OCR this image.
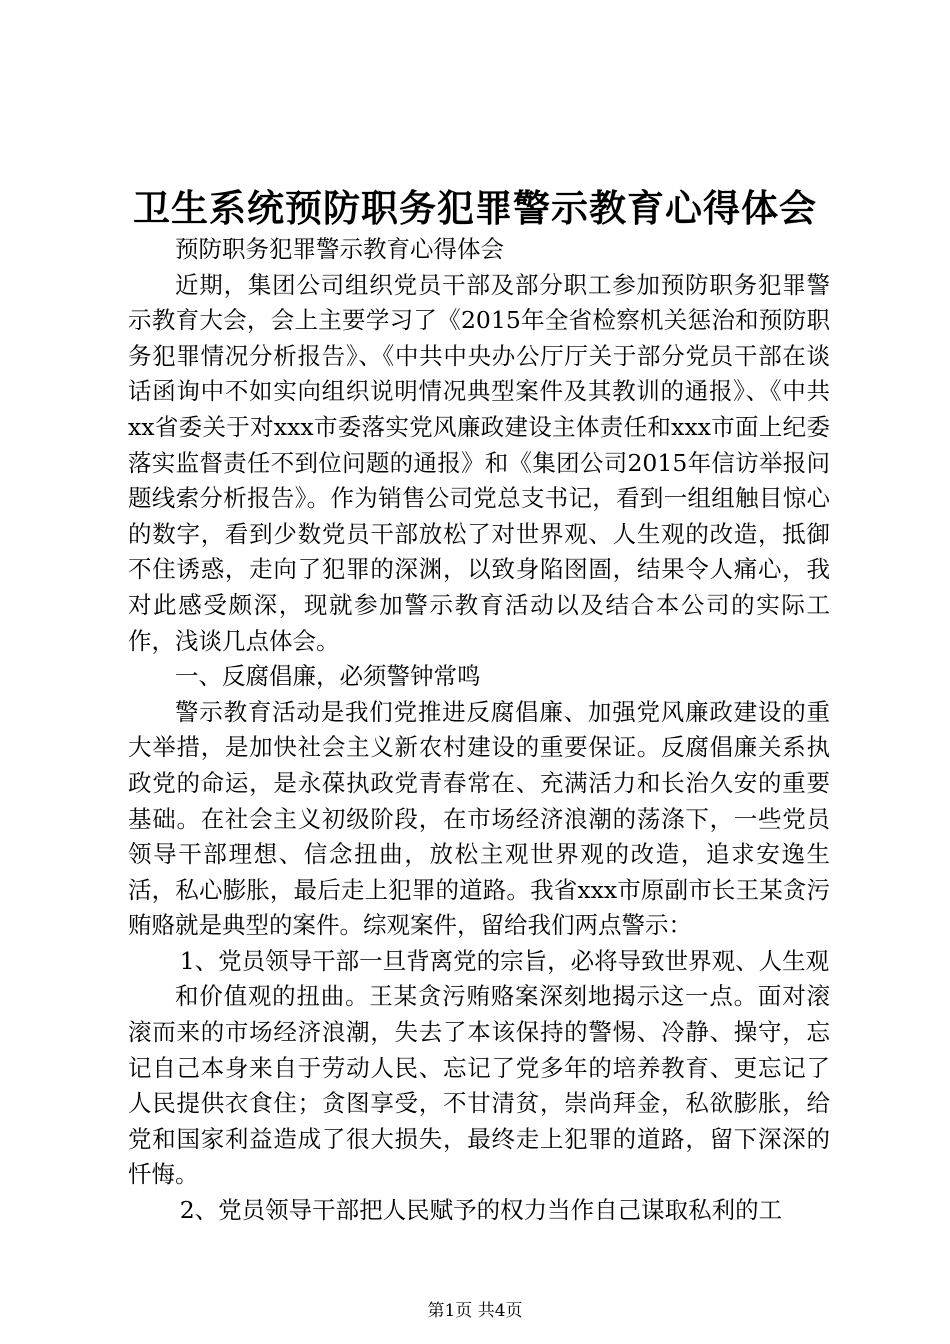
卫生系统预防职务犯罪警示教育心得体会

预防职务犯罪警示教育心得体会

近期，集团公司组织党员干部及部分职工参加预防职务犯罪警示教育大会，会上主要学习了《2015年全省检察机关惩治和预防职务犯罪情况分析报告》、《中共中央办公厅厅关于部分党员干部在谈话函询中不如实向组织说明情况典型案件及其教训的通报》、《中共xx省委关于对xxx市委落实党风廉政建设主体责任和xxx市面上纪委落实监督责任不到位问题的通报》和《集团公司2015年信访举报问题线索分析报告》。作为销售公司党总支书记，看到一组组触目惊心的数字，看到少数党员干部放松了对世界观、人生观的改造，抵御不住诱惑，走向了犯罪的深渊，以致身陷囹圄，结果令人痛心，我对此感受颇深，现就参加警示教育活动以及结合本公司的实际工作，浅谈几点体会。

一、反腐倡廉，必须警钟常鸣

警示教育活动是我们党推进反腐倡廉、加强党风廉政建设的重大举措，是加快社会主义新农村建设的重要保证。反腐倡廉关系执政党的命运，是永葆执政党青春常在、充满活力和长治久安的重要基础。在社会主义初级阶段，在市场经济浪潮的荡涤下，一些党员领导干部理想、信念扭曲，放松主观世界观的改造，追求安逸生活，私心膨胀，最后走上犯罪的道路。我省xxx市原副市长王某贪污贿赂就是典型的案件。综观案件，留给我们两点警示：

1、党员领导干部一旦背离党的宗旨，必将导致世界观、人生观

和价值观的扭曲。王某贪污贿赂案深刻地揭示这一点。面对滚滚而来的市场经济浪潮，失去了本该保持的警惕、冷静、操守，忘记自己本身来自于劳动人民、忘记了党多年的培养教育、更忘记了人民提供衣食住；贪图享受，不甘清贫，崇尚拜金，私欲膨胀，给党和国家利益造成了很大损失，最终走上犯罪的道路，留下深深的忏悔。

2、党员领导干部把人民赋予的权力当作自己谋取私利的工

第1页 共4页
